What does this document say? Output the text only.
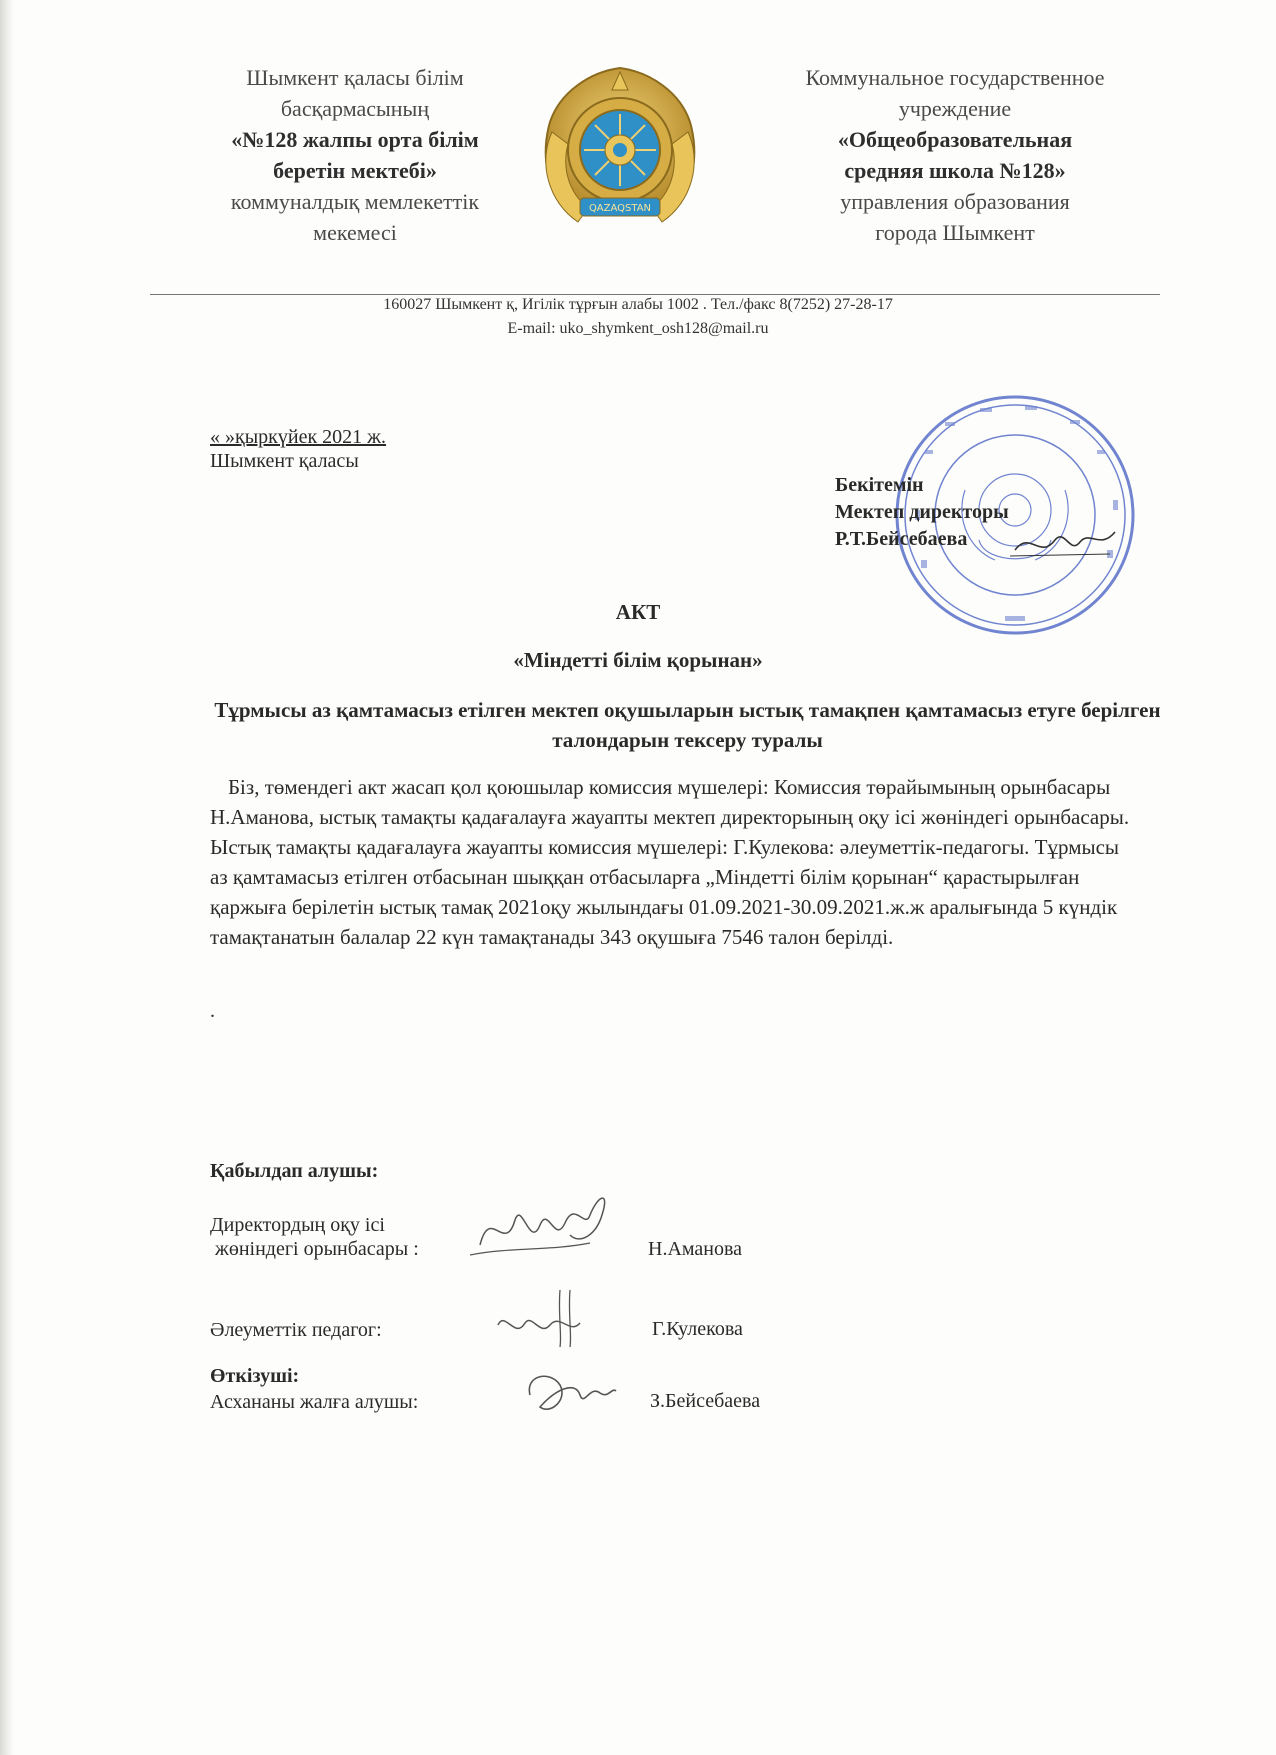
Шымкент қаласы білім
басқармасының
«№128 жалпы орта білім
беретін мектебі»
коммуналдық мемлекеттік
мекемесі
QAZAQSTAN
Коммунальное государственное
учреждение
«Общеобразовательная
средняя школа №128»
управления образования
города Шымкент
160027 Шымкент қ, Игілік тұрғын алабы 1002 . Тел./факс 8(7252) 27-28-17
E-mail: uko_shymkent_osh128@mail.ru
« »қыркүйек 2021 ж.
Шымкент қаласы
Бекітемін
Мектеп директоры
Р.Т.Бейсебаева
АКТ
«Міндетті білім қорынан»
Тұрмысы аз қамтамасыз етілген мектеп оқушыларын ыстық тамақпен қамтамасыз етуге берілген талондарын тексеру туралы
Біз, төмендегі акт жасап қол қоюшылар комиссия мүшелері: Комиссия төрайымының орынбасары Н.Аманова, ыстық тамақты қадағалауға жауапты мектеп директорының оқу ісі жөніндегі орынбасары. Ыстық тамақты қадағалауға жауапты комиссия мүшелері: Г.Кулекова: әлеуметтік-педагогы. Тұрмысы аз қамтамасыз етілген отбасынан шыққан отбасыларға „Міндетті білім қорынан“ қарастырылған қаржыға берілетін ыстық тамақ 2021оқу жылындағы 01.09.2021-30.09.2021.ж.ж аралығында 5 күндік тамақтанатын балалар 22 күн тамақтанады 343 оқушыға 7546 талон берілді.
.
Қабылдап алушы:
Директордың оқу ісі
жөніндегі орынбасары :	Н.Аманова
Әлеуметтік педагог:	Г.Кулекова
Өткізуші:
Асхананы жалға алушы:	З.Бейсебаева
